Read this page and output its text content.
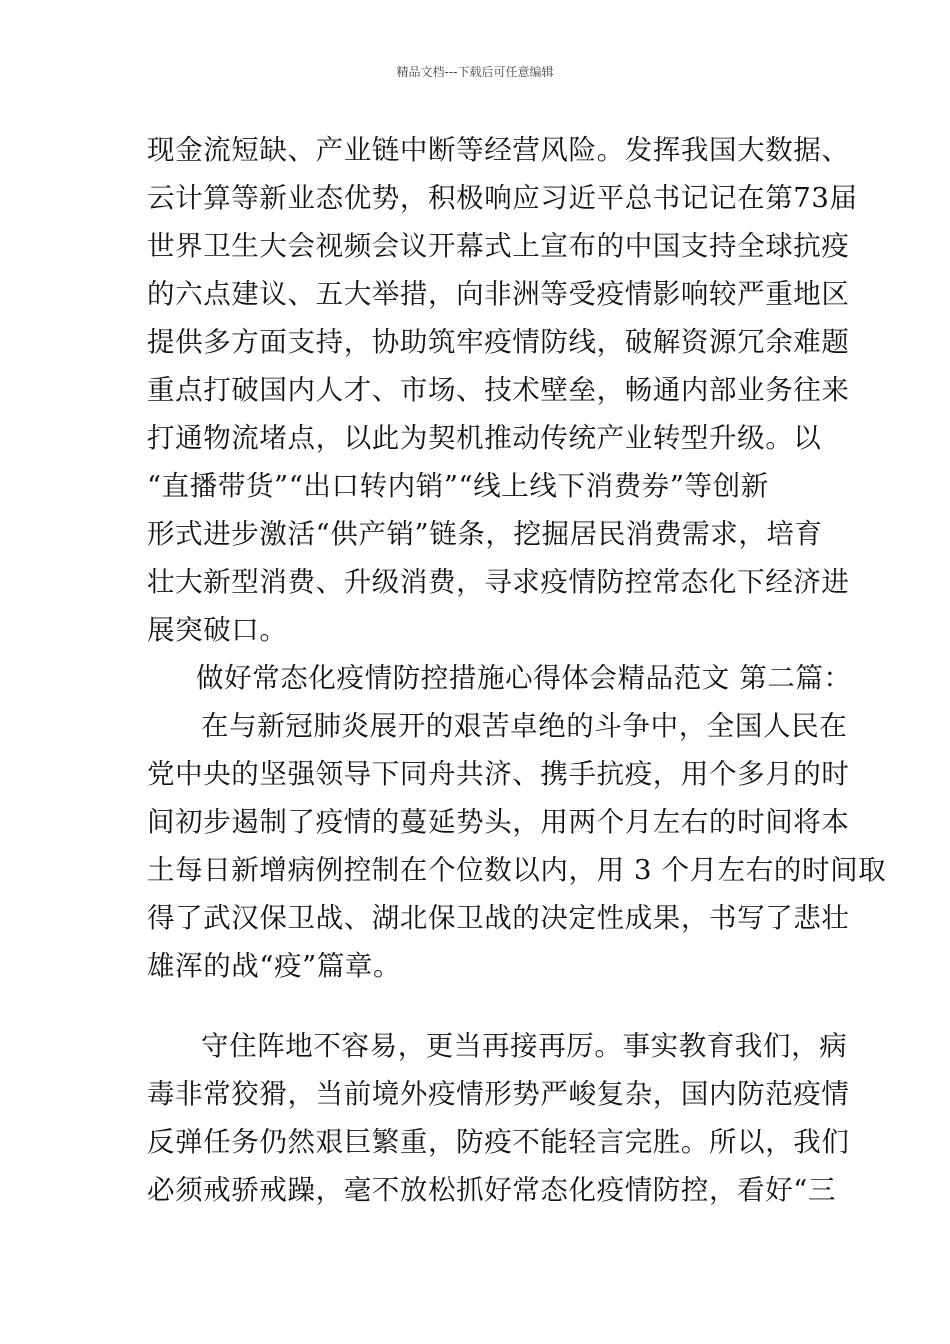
精品文档---下载后可任意编辑
现金流短缺、产业链中断等经营风险。发挥我国大数据、
云计算等新业态优势，积极响应习近平总书记记在第73届
世界卫生大会视频会议开幕式上宣布的中国支持全球抗疫
的六点建议、五大举措，向非洲等受疫情影响较严重地区
提供多方面支持，协助筑牢疫情防线，破解资源冗余难题
重点打破国内人才、市场、技术壁垒，畅通内部业务往来
打通物流堵点，以此为契机推动传统产业转型升级。以
“直播带货”“出口转内销”“线上线下消费券”等创新
形式进步激活“供产销”链条，挖掘居民消费需求，培育
壮大新型消费、升级消费，寻求疫情防控常态化下经济进
展突破口。
做好常态化疫情防控措施心得体会精品范文 第二篇：
在与新冠肺炎展开的艰苦卓绝的斗争中，全国人民在
党中央的坚强领导下同舟共济、携手抗疫，用个多月的时
间初步遏制了疫情的蔓延势头，用两个月左右的时间将本
土每日新增病例控制在个位数以内，用 3 个月左右的时间取
得了武汉保卫战、湖北保卫战的决定性成果，书写了悲壮
雄浑的战“疫”篇章。
守住阵地不容易，更当再接再厉。事实教育我们，病
毒非常狡猾，当前境外疫情形势严峻复杂，国内防范疫情
反弹任务仍然艰巨繁重，防疫不能轻言完胜。所以，我们
必须戒骄戒躁，毫不放松抓好常态化疫情防控，看好“三
